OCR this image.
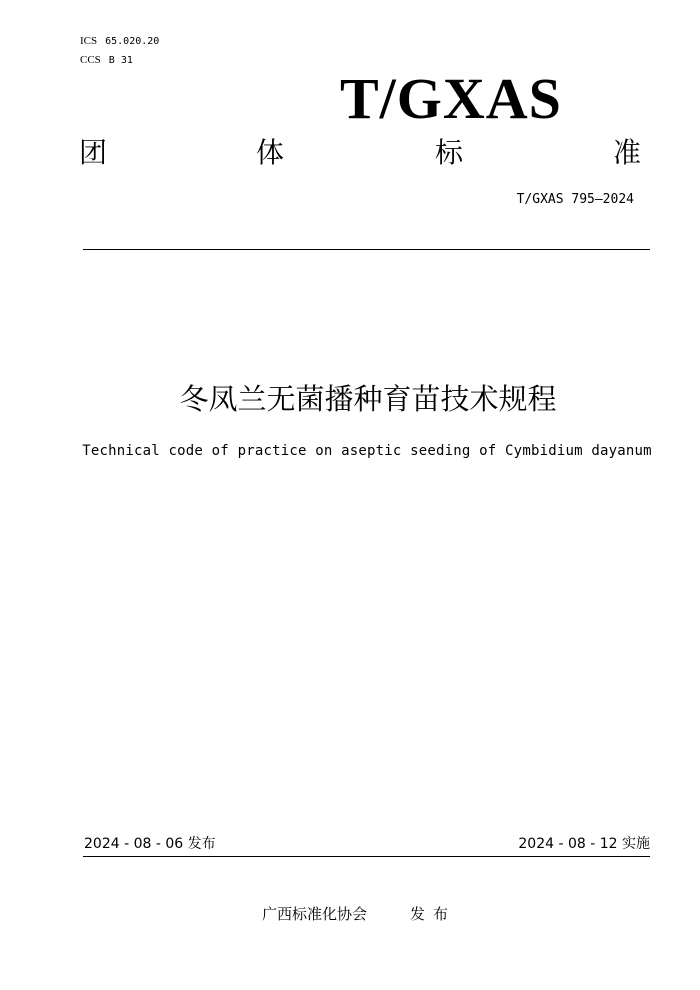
ICS 65.020.20
CCS B 31
T/GXAS
团	体	标	准
T/GXAS 795—2024
冬凤兰无菌播种育苗技术规程
Technical code of practice on aseptic seeding of Cymbidium dayanum
2024 - 08 - 06 发布	2024 - 08 - 12 实施
广西标准化协会	发布
